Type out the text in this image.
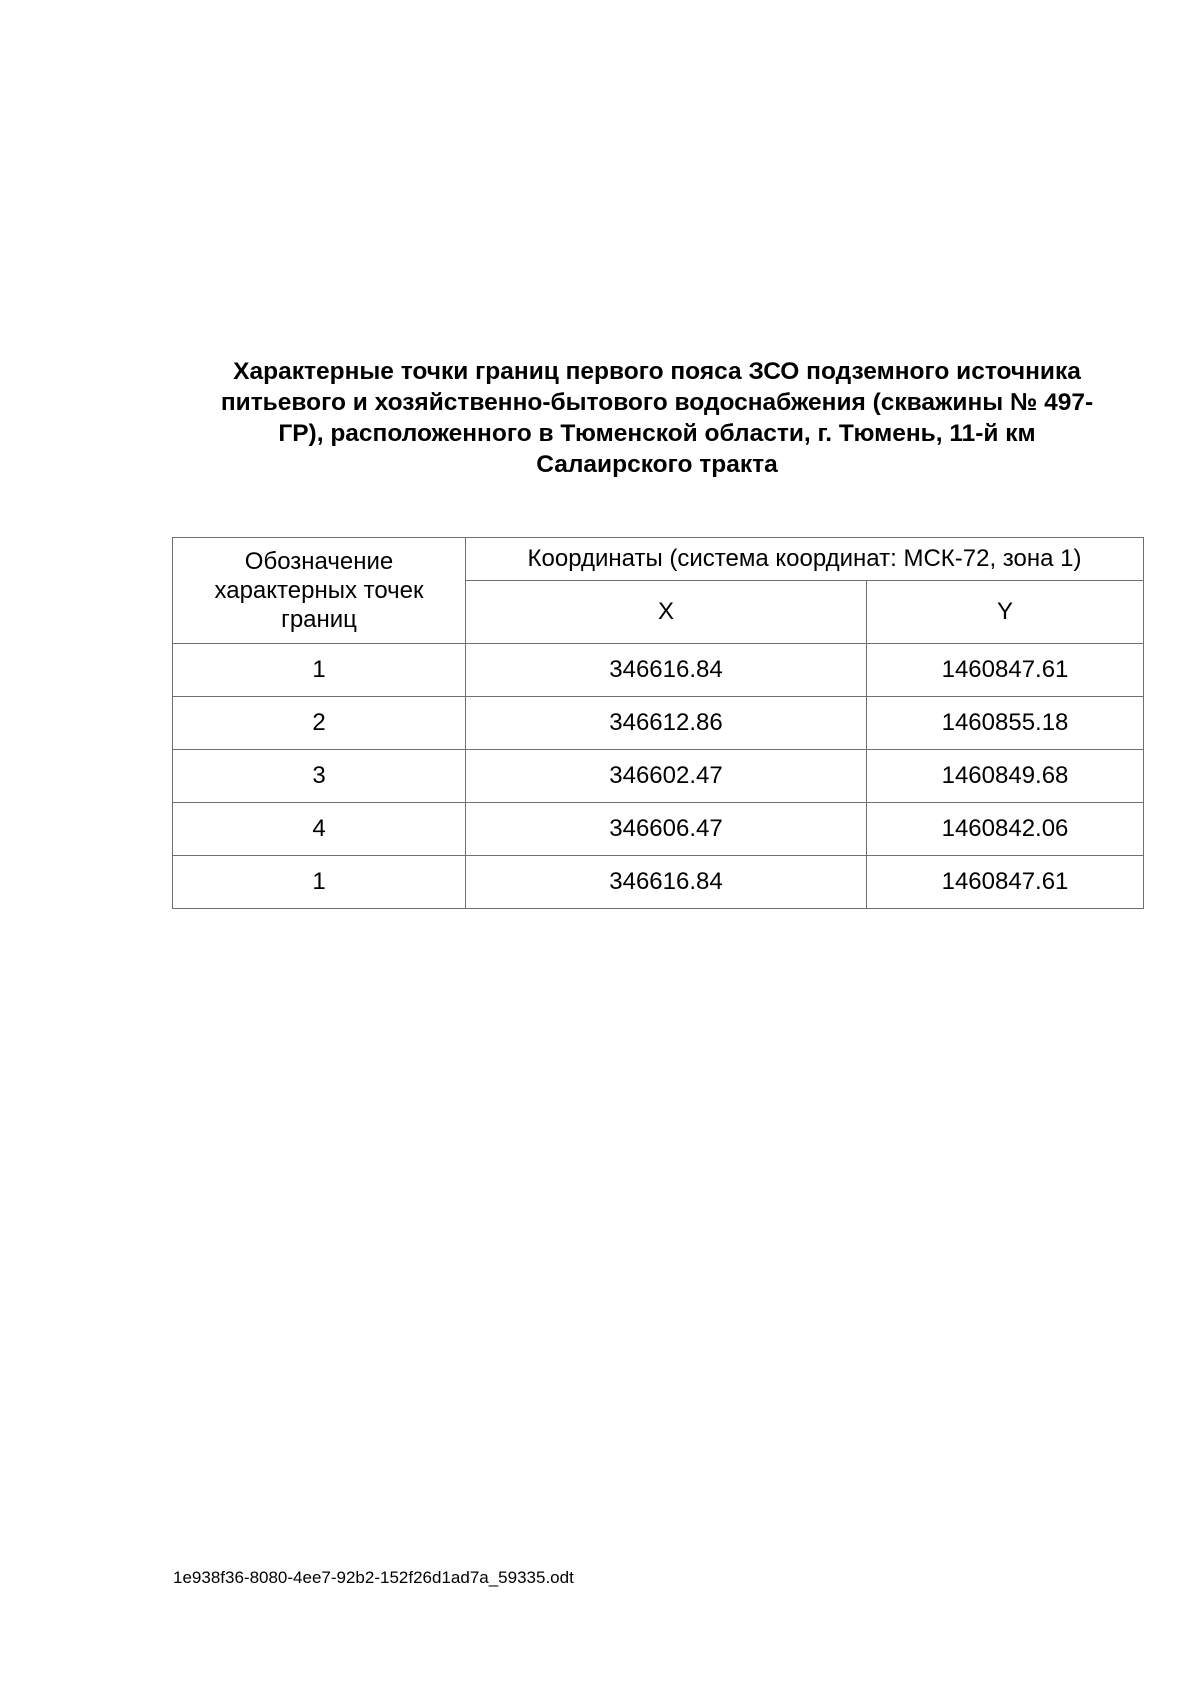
Характерные точки границ первого пояса ЗСО подземного источника
питьевого и хозяйственно-бытового водоснабжения (скважины № 497-
ГР), расположенного в Тюменской области, г. Тюмень, 11-й км
Салаирского тракта
Обозначение
характерных точек
границ	Координаты (система координат: МСК-72, зона 1)	
	X	Y
1	346616.84	1460847.61
2	346612.86	1460855.18
3	346602.47	1460849.68
4	346606.47	1460842.06
1	346616.84	1460847.61
1e938f36-8080-4ee7-92b2-152f26d1ad7a_59335.odt
